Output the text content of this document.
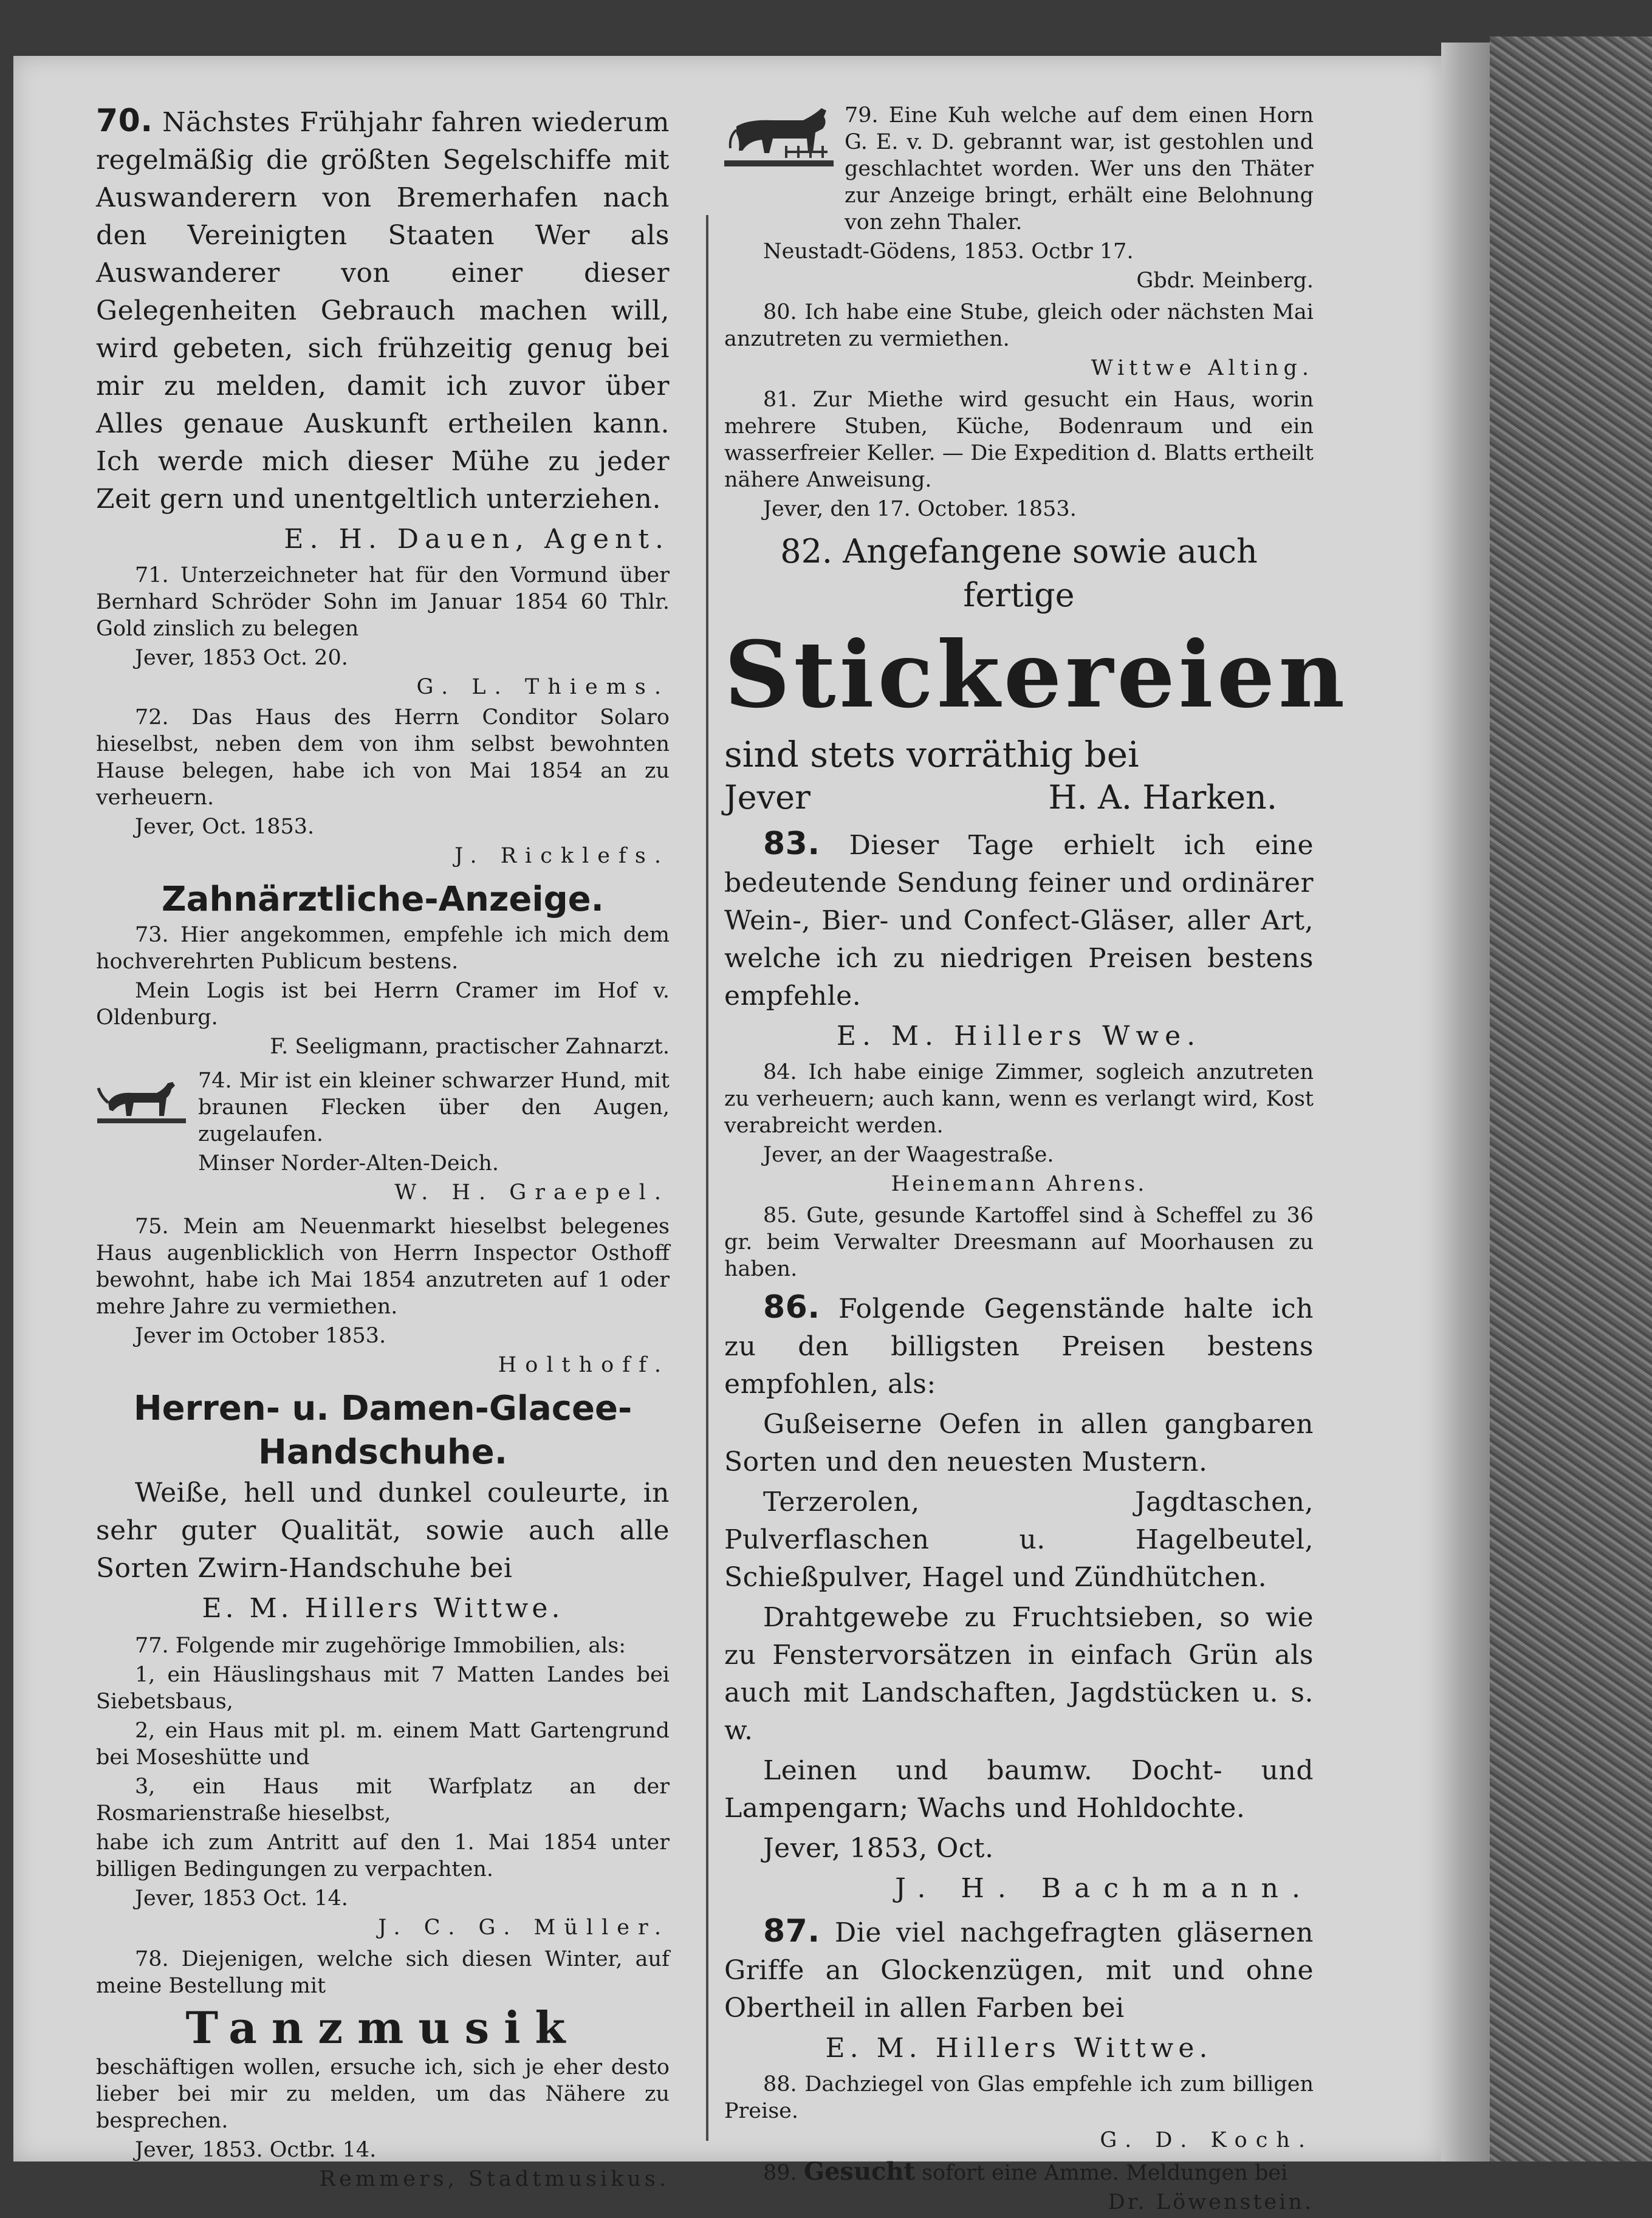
70. Nächstes Frühjahr fahren wiederum regelmäßig die größten Segelschiffe mit Auswanderern von Bremerhafen nach den Vereinigten Staaten Wer als Auswanderer von einer dieser Gelegenheiten Gebrauch machen will, wird gebeten, sich frühzeitig genug bei mir zu melden, damit ich zuvor über Alles genaue Auskunft ertheilen kann. Ich werde mich dieser Mühe zu jeder Zeit gern und unentgeltlich unterziehen.
E. H. Dauen, Agent.
71. Unterzeichneter hat für den Vormund über Bernhard Schröder Sohn im Januar 1854 60 Thlr. Gold zinslich zu belegen
Jever, 1853 Oct. 20.
G. L. Thiems.
72. Das Haus des Herrn Conditor Solaro hieselbst, neben dem von ihm selbst bewohnten Hause belegen, habe ich von Mai 1854 an zu verheuern.
Jever, Oct. 1853.
J. Ricklefs.
Zahnärztliche-Anzeige.
73. Hier angekommen, empfehle ich mich dem hochverehrten Publicum bestens.
Mein Logis ist bei Herrn Cramer im Hof v. Oldenburg.
F. Seeligmann, practischer Zahnarzt.
74. Mir ist ein kleiner schwarzer Hund, mit braunen Flecken über den Augen, zugelaufen.
Minser Norder-Alten-Deich.
W. H. Graepel.
75. Mein am Neuenmarkt hieselbst belegenes Haus augenblicklich von Herrn Inspector Osthoff bewohnt, habe ich Mai 1854 anzutreten auf 1 oder mehre Jahre zu vermiethen.
Jever im October 1853.
Holthoff.
Herren- u. Damen-Glacee-Handschuhe.
Weiße, hell und dunkel couleurte, in sehr guter Qualität, sowie auch alle Sorten Zwirn-Handschuhe bei
E. M. Hillers Wittwe.
77. Folgende mir zugehörige Immobilien, als:
1, ein Häuslingshaus mit 7 Matten Landes bei Siebetsbaus,
2, ein Haus mit pl. m. einem Matt Gartengrund bei Moseshütte und
3, ein Haus mit Warfplatz an der Rosmarienstraße hieselbst,
habe ich zum Antritt auf den 1. Mai 1854 unter billigen Bedingungen zu verpachten.
Jever, 1853 Oct. 14.
J. C. G. Müller.
78. Diejenigen, welche sich diesen Winter, auf meine Bestellung mit
Tanzmusik
beschäftigen wollen, ersuche ich, sich je eher desto lieber bei mir zu melden, um das Nähere zu besprechen.
Jever, 1853. Octbr. 14.
Remmers, Stadtmusikus.
79. Eine Kuh welche auf dem einen Horn G. E. v. D. gebrannt war, ist gestohlen und geschlachtet worden. Wer uns den Thäter zur Anzeige bringt, erhält eine Belohnung von zehn Thaler.
Neustadt-Gödens, 1853. Octbr 17.
Gbdr. Meinberg.
80. Ich habe eine Stube, gleich oder nächsten Mai anzutreten zu vermiethen.
Wittwe Alting.
81. Zur Miethe wird gesucht ein Haus, worin mehrere Stuben, Küche, Bodenraum und ein wasserfreier Keller. — Die Expedition d. Blatts ertheilt nähere Anweisung.
Jever, den 17. October. 1853.
82. Angefangene sowie auch fertige
Stickereien
sind stets vorräthig bei
Jever	H. A. Harken.
83. Dieser Tage erhielt ich eine bedeutende Sendung feiner und ordinärer Wein-, Bier- und Confect-Gläser, aller Art, welche ich zu niedrigen Preisen bestens empfehle.
E. M. Hillers Wwe.
84. Ich habe einige Zimmer, sogleich anzutreten zu verheuern; auch kann, wenn es verlangt wird, Kost verabreicht werden.
Jever, an der Waagestraße.
Heinemann Ahrens.
85. Gute, gesunde Kartoffel sind à Scheffel zu 36 gr. beim Verwalter Dreesmann auf Moorhausen zu haben.
86. Folgende Gegenstände halte ich zu den billigsten Preisen bestens empfohlen, als:
Gußeiserne Oefen in allen gangbaren Sorten und den neuesten Mustern.
Terzerolen, Jagdtaschen, Pulverflaschen u. Hagelbeutel, Schießpulver, Hagel und Zündhütchen.
Drahtgewebe zu Fruchtsieben, so wie zu Fenstervorsätzen in einfach Grün als auch mit Landschaften, Jagdstücken u. s. w.
Leinen und baumw. Docht- und Lampengarn; Wachs und Hohldochte.
Jever, 1853, Oct.
J. H. Bachmann.
87. Die viel nachgefragten gläsernen Griffe an Glockenzügen, mit und ohne Obertheil in allen Farben bei
E. M. Hillers Wittwe.
88. Dachziegel von Glas empfehle ich zum billigen Preise.
G. D. Koch.
89. Gesucht sofort eine Amme. Meldungen bei
Dr. Löwenstein.
